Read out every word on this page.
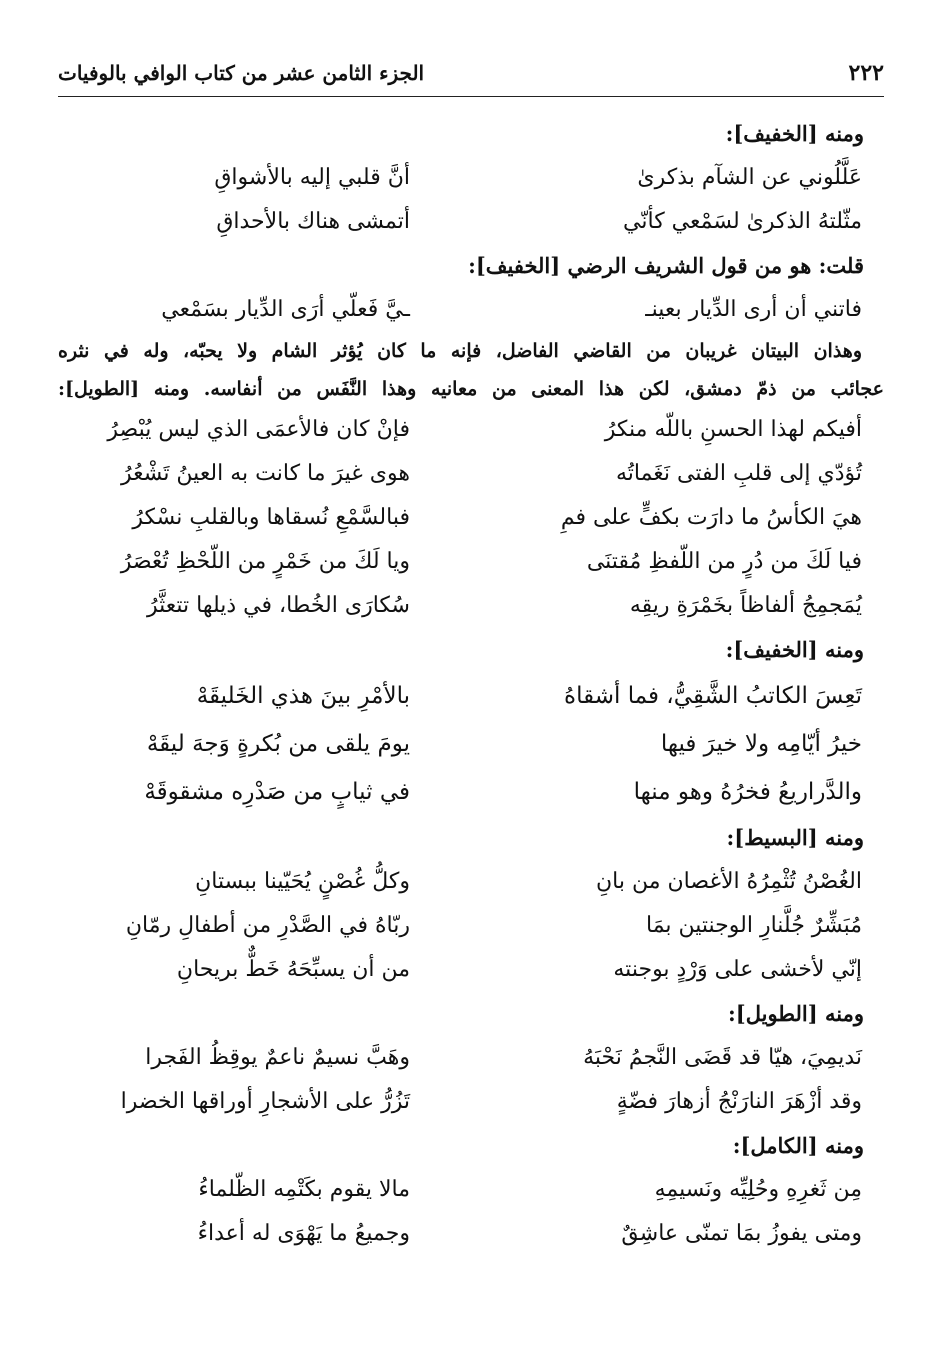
٢٢٢
الجزء الثامن عشر من كتاب الوافي بالوفيات
ومنه [الخفيف]:
عَلَّلُوني عن الشآم بذكرىٰ
أنَّ قلبي إليه بالأشواقِ
مثّلتهُ الذكرىٰ لسَمْعي كأنّي
أتمشى هناك بالأحداقِ
قلت: هو من قول الشريف الرضي [الخفيف]:
فاتني أن أرى الدِّيار بعينـ
ـيَّ فَعلّي أرَى الدِّيار بسَمْعي
وهذان البيتان غريبان من القاضي الفاضل، فإنه ما كان يُؤثر الشام ولا يحبّه، وله في نثره
عجائب من ذمّ دمشق، لكن هذا المعنى من معانيه وهذا النَّفَس من أنفاسه. ومنه [الطويل]:
أفيكم لهذا الحسنِ باللّه منكرُ
فإنْ كان فالأعمَى الذي ليس يُبْصِرُ
تُؤدّي إلى قلبِ الفتى نَغَماتُه
هوى غيرَ ما كانت به العينُ تَشْعُرُ
هيَ الكأسُ ما دارَت بكفٍّ على فمِ
فبالسَّمْعِ نُسقاها وبالقلبِ نسْكرُ
فيا لَكَ من دُرٍ من اللّفظِ مُقتنَى
ويا لَكَ من خَمْرٍ من اللّحْظِ تُعْصَرُ
يُمَجمِجُ ألفاظاً بخَمْرَةِ ريقِه
سُكارَى الخُطا، في ذيلها تتعثَّرُ
ومنه [الخفيف]:
تَعِسَ الكاتبُ الشَّقِيُّ، فما أشقاهُ
بالأمْرِ بينَ هذي الخَليقَهْ
خيرُ أيّامِه ولا خيرَ فيها
يومَ يلقى من بُكرةٍ وَجهَ ليقَهْ
والدَّراريعُ فخرُهُ وهو منها
في ثيابٍ من صَدْرِه مشقوقَهْ
ومنه [البسيط]:
الغُصْنُ تُثْمِرُهُ الأغصان من بانِ
وكلُّ غُصْنٍ يُحَيّينا ببستانِ
مُبَشِّرٌ جُلَّنارِ الوجنتين بمَا
ربّاهُ في الصَّدْرِ من أطفالِ رمّانِ
إنّي لأخشى على وَرْدٍ بوجنته
من أن يسبِّحَهُ خَطٌّ بريحانِ
ومنه [الطويل]:
نَديمِيَ، هيّا قد قَضَى النَّجمُ نَحْبَهُ
وهَبَّ نسيمٌ ناعمٌ يوقِظُ الفَجرا
وقد أزْهَرَ النارَنْجُ أزهارَ فضّةٍ
تَزُرُّ على الأشجارِ أوراقها الخضرا
ومنه [الكامل]:
مِن ثَغرِهِ وحُلِيِّه ونَسيمِهِ
مالا يقوم بكَتْمِه الظّلماءُ
ومتى يفوزُ بمَا تمنّى عاشِقٌ
وجميعُ ما يَهْوَى له أعداءُ
